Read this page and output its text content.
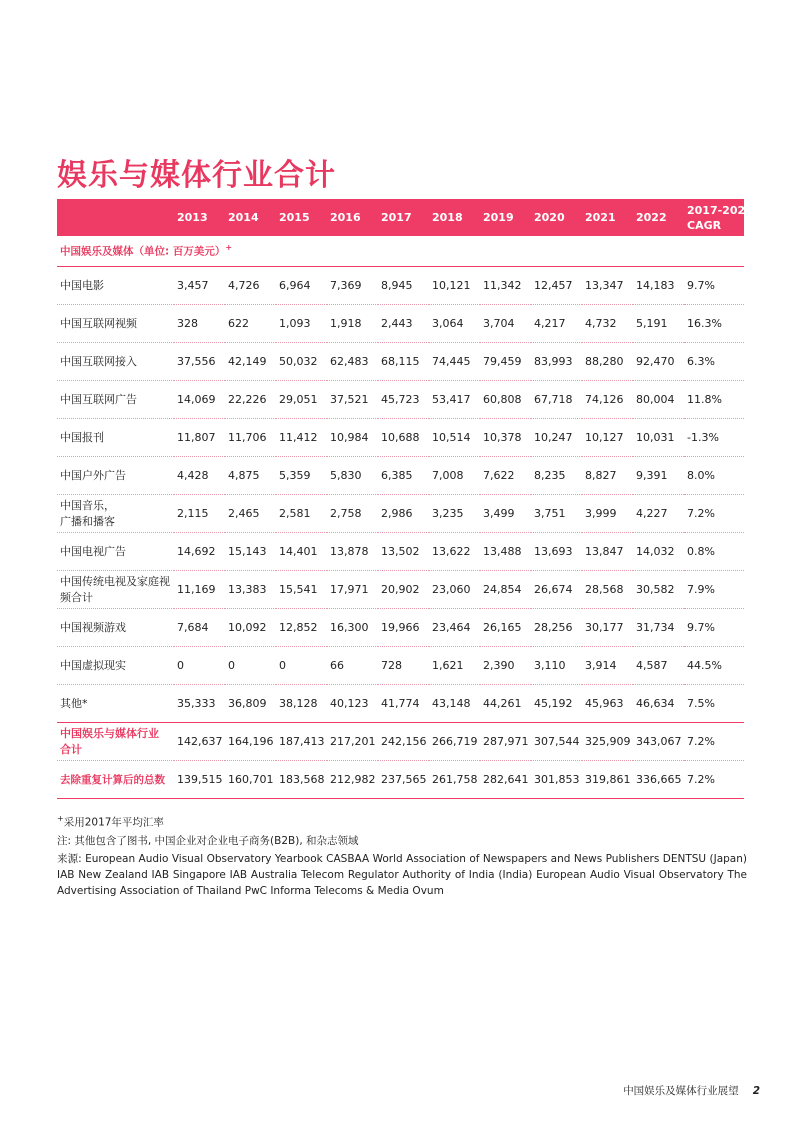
娱乐与媒体行业合计
	2013	2014	2015	2016	2017	2018	2019	2020	2021	2022	2017-2022
CAGR
中国娱乐及媒体（单位: 百万美元）+
中国电影	3,457	4,726	6,964	7,369	8,945	10,121	11,342	12,457	13,347	14,183	9.7%
中国互联网视频	328	622	1,093	1,918	2,443	3,064	3,704	4,217	4,732	5,191	16.3%
中国互联网接入	37,556	42,149	50,032	62,483	68,115	74,445	79,459	83,993	88,280	92,470	6.3%
中国互联网广告	14,069	22,226	29,051	37,521	45,723	53,417	60,808	67,718	74,126	80,004	11.8%
中国报刊	11,807	11,706	11,412	10,984	10,688	10,514	10,378	10,247	10,127	10,031	-1.3%
中国户外广告	4,428	4,875	5,359	5,830	6,385	7,008	7,622	8,235	8,827	9,391	8.0%
中国音乐，
广播和播客	2,115	2,465	2,581	2,758	2,986	3,235	3,499	3,751	3,999	4,227	7.2%
中国电视广告	14,692	15,143	14,401	13,878	13,502	13,622	13,488	13,693	13,847	14,032	0.8%
中国传统电视及家庭视
频合计	11,169	13,383	15,541	17,971	20,902	23,060	24,854	26,674	28,568	30,582	7.9%
中国视频游戏	7,684	10,092	12,852	16,300	19,966	23,464	26,165	28,256	30,177	31,734	9.7%
中国虚拟现实	0	0	0	66	728	1,621	2,390	3,110	3,914	4,587	44.5%
其他*	35,333	36,809	38,128	40,123	41,774	43,148	44,261	45,192	45,963	46,634	7.5%
中国娱乐与媒体行业
合计	142,637	164,196	187,413	217,201	242,156	266,719	287,971	307,544	325,909	343,067	7.2%
去除重复计算后的总数	139,515	160,701	183,568	212,982	237,565	261,758	282,641	301,853	319,861	336,665	7.2%

+采用2017年平均汇率

注: 其他包含了图书, 中国企业对企业电子商务(B2B), 和杂志领域

来源: European Audio Visual Observatory Yearbook CASBAA World Association of Newspapers and News Publishers DENTSU (Japan) IAB New Zealand IAB Singapore IAB Australia Telecom Regulator Authority of India (India) European Audio Visual Observatory The Advertising Association of Thailand PwC Informa Telecoms & Media Ovum

中国娱乐及媒体行业展望 2
